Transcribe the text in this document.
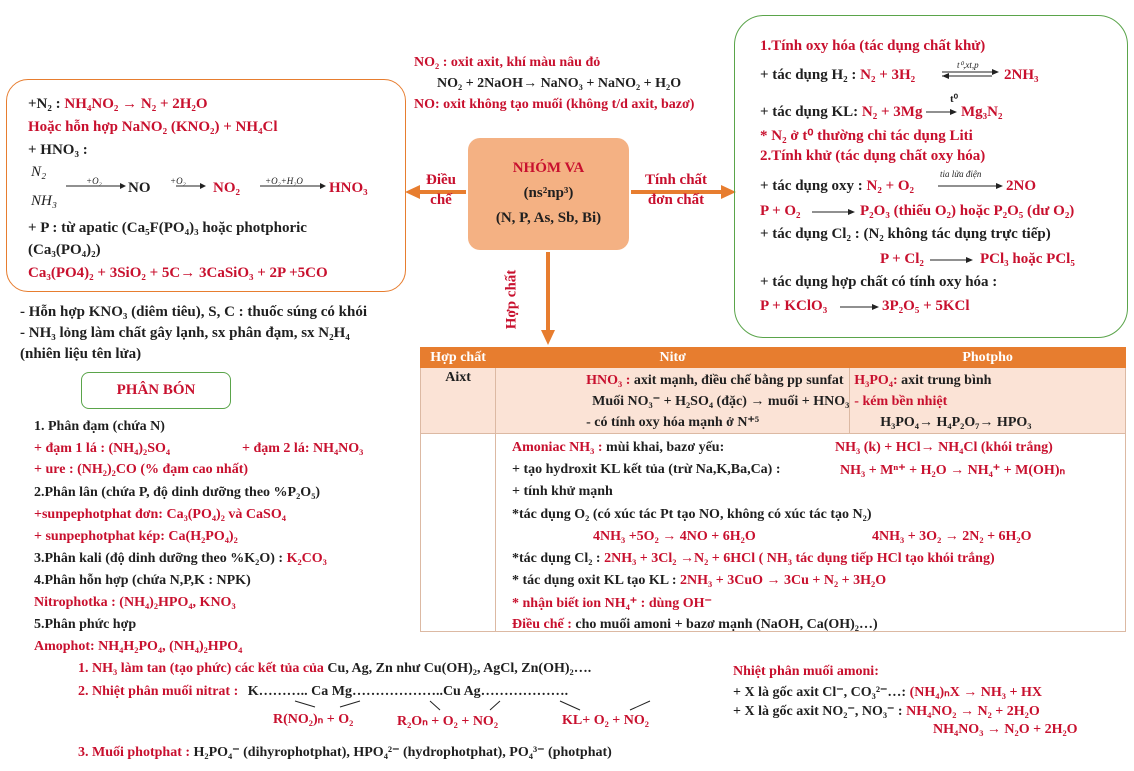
+N₂ : NH₄NO₂ → N₂ + 2H₂O
Hoặc hỗn hợp NaNO₂ (KNO₂) + NH₄Cl
+ HNO₃ :
N₂
NH₃
+O₂ NO +O₂ NO₂	+O₂+H₂O HNO₃
+ P : từ apatic (Ca₅F(PO₄)₃ hoặc photphoric
(Ca₃(PO₄)₂)
Ca₃(PO4)₂ + 3SiO₂ + 5C→ 3CaSiO₃ + 2P +5CO
NO₂ : oxit axit, khí màu nâu đỏ
NO₂ + 2NaOH→ NaNO₃ + NaNO₂ + H₂O
NO: oxit không tạo muối (không t/d axit, bazơ)
NHÓM VA
(ns²np³)
(N, P, As, Sb, Bi)
Điều chế
Tính chất đơn chất
Hợp chất
1.Tính oxy hóa (tác dụng chất khử)
+ tác dụng H₂ : N₂ + 3H₂
t⁰,xt,p
2NH₃
+ tác dụng KL: N₂ + 3Mg
t⁰
Mg₃N₂
* N₂ ở t⁰ thường chỉ tác dụng Liti
2.Tính khử (tác dụng chất oxy hóa)
+ tác dụng oxy : N₂ + O₂
tia lửa điện
2NO
P + O₂	P₂O₃ (thiếu O₂) hoặc P₂O₅ (dư O₂)
+ tác dụng Cl₂ : (N₂ không tác dụng trực tiếp)
P + Cl₂	PCl₃ hoặc PCl₅
+ tác dụng hợp chất có tính oxy hóa :
P + KClO₃	3P₂O₅ + 5KCl
- Hỗn hợp KNO₃ (diêm tiêu), S, C : thuốc súng có khói
- NH₃ lỏng làm chất gây lạnh, sx phân đạm, sx N₂H₄
(nhiên liệu tên lửa)
PHÂN BÓN
1. Phân đạm (chứa N)
+ đạm 1 lá : (NH₄)₂SO₄	+ đạm 2 lá: NH₄NO₃
+ ure : (NH₂)₂CO (% đạm cao nhất)
2.Phân lân (chứa P, độ dinh dưỡng theo %P₂O₅)
+sunpephotphat đơn: Ca₃(PO₄)₂ và CaSO₄
+ sunpephotphat kép: Ca(H₂PO₄)₂
3.Phân kali (độ dinh dưỡng theo %K₂O) : K₂CO₃
4.Phân hỗn hợp (chứa N,P,K : NPK)
Nitrophotka : (NH₄)₂HPO₄, KNO₃
5.Phân phức hợp
Amophot: NH₄H₂PO₄, (NH₄)₂HPO₄
Hợp chất	Nitơ	Photpho
Aixt	HNO₃ : axit mạnh, điều chế bằng pp sunfat
Muối NO₃⁻ + H₂SO₄ (đặc) → muối + HNO₃
- có tính oxy hóa mạnh ở N⁺⁵	H₃PO₄: axit trung bình
- kém bền nhiệt
H₃PO₄→ H₄P₂O₇→ HPO₃

Amoniac NH₃ : mùi khai, bazơ yếu:	NH₃ (k) + HCl→ NH₄Cl (khói trắng)
+ tạo hydroxit KL kết tủa (trừ Na,K,Ba,Ca) :	NH₃ + Mⁿ⁺ + H₂O → NH₄⁺ + M(OH)ₙ
+ tính khử mạnh
*tác dụng O₂ (có xúc tác Pt tạo NO, không có xúc tác tạo N₂)
4NH₃ +5O₂ → 4NO + 6H₂O	4NH₃ + 3O₂ → 2N₂ + 6H₂O
*tác dụng Cl₂ : 2NH₃ + 3Cl₂ →N₂ + 6HCl ( NH₃ tác dụng tiếp HCl tạo khói trắng)
* tác dụng oxit KL tạo KL : 2NH₃ + 3CuO → 3Cu + N₂ + 3H₂O
* nhận biết ion NH₄⁺ : dùng OH⁻
Điều chế : cho muối amoni + bazơ mạnh (NaOH, Ca(OH)₂…)
1. NH₃ làm tan (tạo phức) các kết tủa của Cu, Ag, Zn như Cu(OH)₂, AgCl, Zn(OH)₂….
2. Nhiệt phân muối nitrat : K……….. Ca Mg………………..Cu Ag……………….
R(NO₂)ₙ + O₂	R₂Oₙ + O₂ + NO₂	KL+ O₂ + NO₂
3. Muối photphat : H₂PO₄⁻ (dihyrophotphat), HPO₄²⁻ (hydrophotphat), PO₄³⁻ (photphat)
Nhiệt phân muối amoni:
+ X là gốc axit Cl⁻, CO₃²⁻…: (NH₄)ₙX → NH₃ + HX
+ X là gốc axit NO₂⁻, NO₃⁻ : NH₄NO₂ → N₂ + 2H₂O
NH₄NO₃ → N₂O + 2H₂O
